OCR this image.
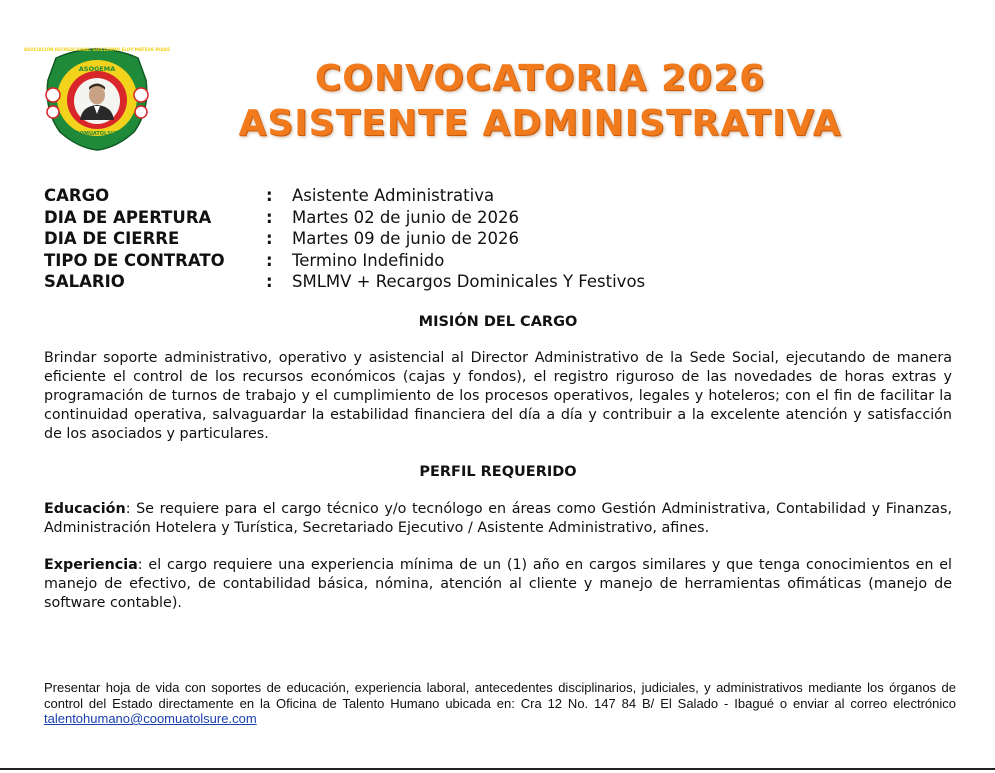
ASOCIACIÓN RECREACIONAL GUILLERMO ELOY MATEUS ROJAS
ASOGEMA
COOMUATOLSURE
CONVOCATORIA 2026
ASISTENTE ADMINISTRATIVA
CARGO	:	Asistente Administrativa
DIA DE APERTURA	:	Martes 02 de junio de 2026
DIA DE CIERRE	:	Martes 09 de junio de 2026
TIPO DE CONTRATO	:	Termino Indefinido
SALARIO	:	SMLMV + Recargos Dominicales Y Festivos
MISIÓN DEL CARGO
Brindar soporte administrativo, operativo y asistencial al Director Administrativo de la Sede Social, ejecutando de manera eficiente el control de los recursos económicos (cajas y fondos), el registro riguroso de las novedades de horas extras y programación de turnos de trabajo y el cumplimiento de los procesos operativos, legales y hoteleros; con el fin de facilitar la continuidad operativa, salvaguardar la estabilidad financiera del día a día y contribuir a la excelente atención y satisfacción de los asociados y particulares.
PERFIL REQUERIDO
Educación: Se requiere para el cargo técnico y/o tecnólogo en áreas como Gestión Administrativa, Contabilidad y Finanzas, Administración Hotelera y Turística, Secretariado Ejecutivo / Asistente Administrativo, afines.
Experiencia: el cargo requiere una experiencia mínima de un (1) año en cargos similares y que tenga conocimientos en el manejo de efectivo, de contabilidad básica, nómina, atención al cliente y manejo de herramientas ofimáticas (manejo de software contable).
Presentar hoja de vida con soportes de educación, experiencia laboral, antecedentes disciplinarios, judiciales, y administrativos mediante los órganos de control del Estado directamente en la Oficina de Talento Humano ubicada en: Cra 12 No. 147 84 B/ El Salado - Ibagué o enviar al correo electrónico talentohumano@coomuatolsure.com
